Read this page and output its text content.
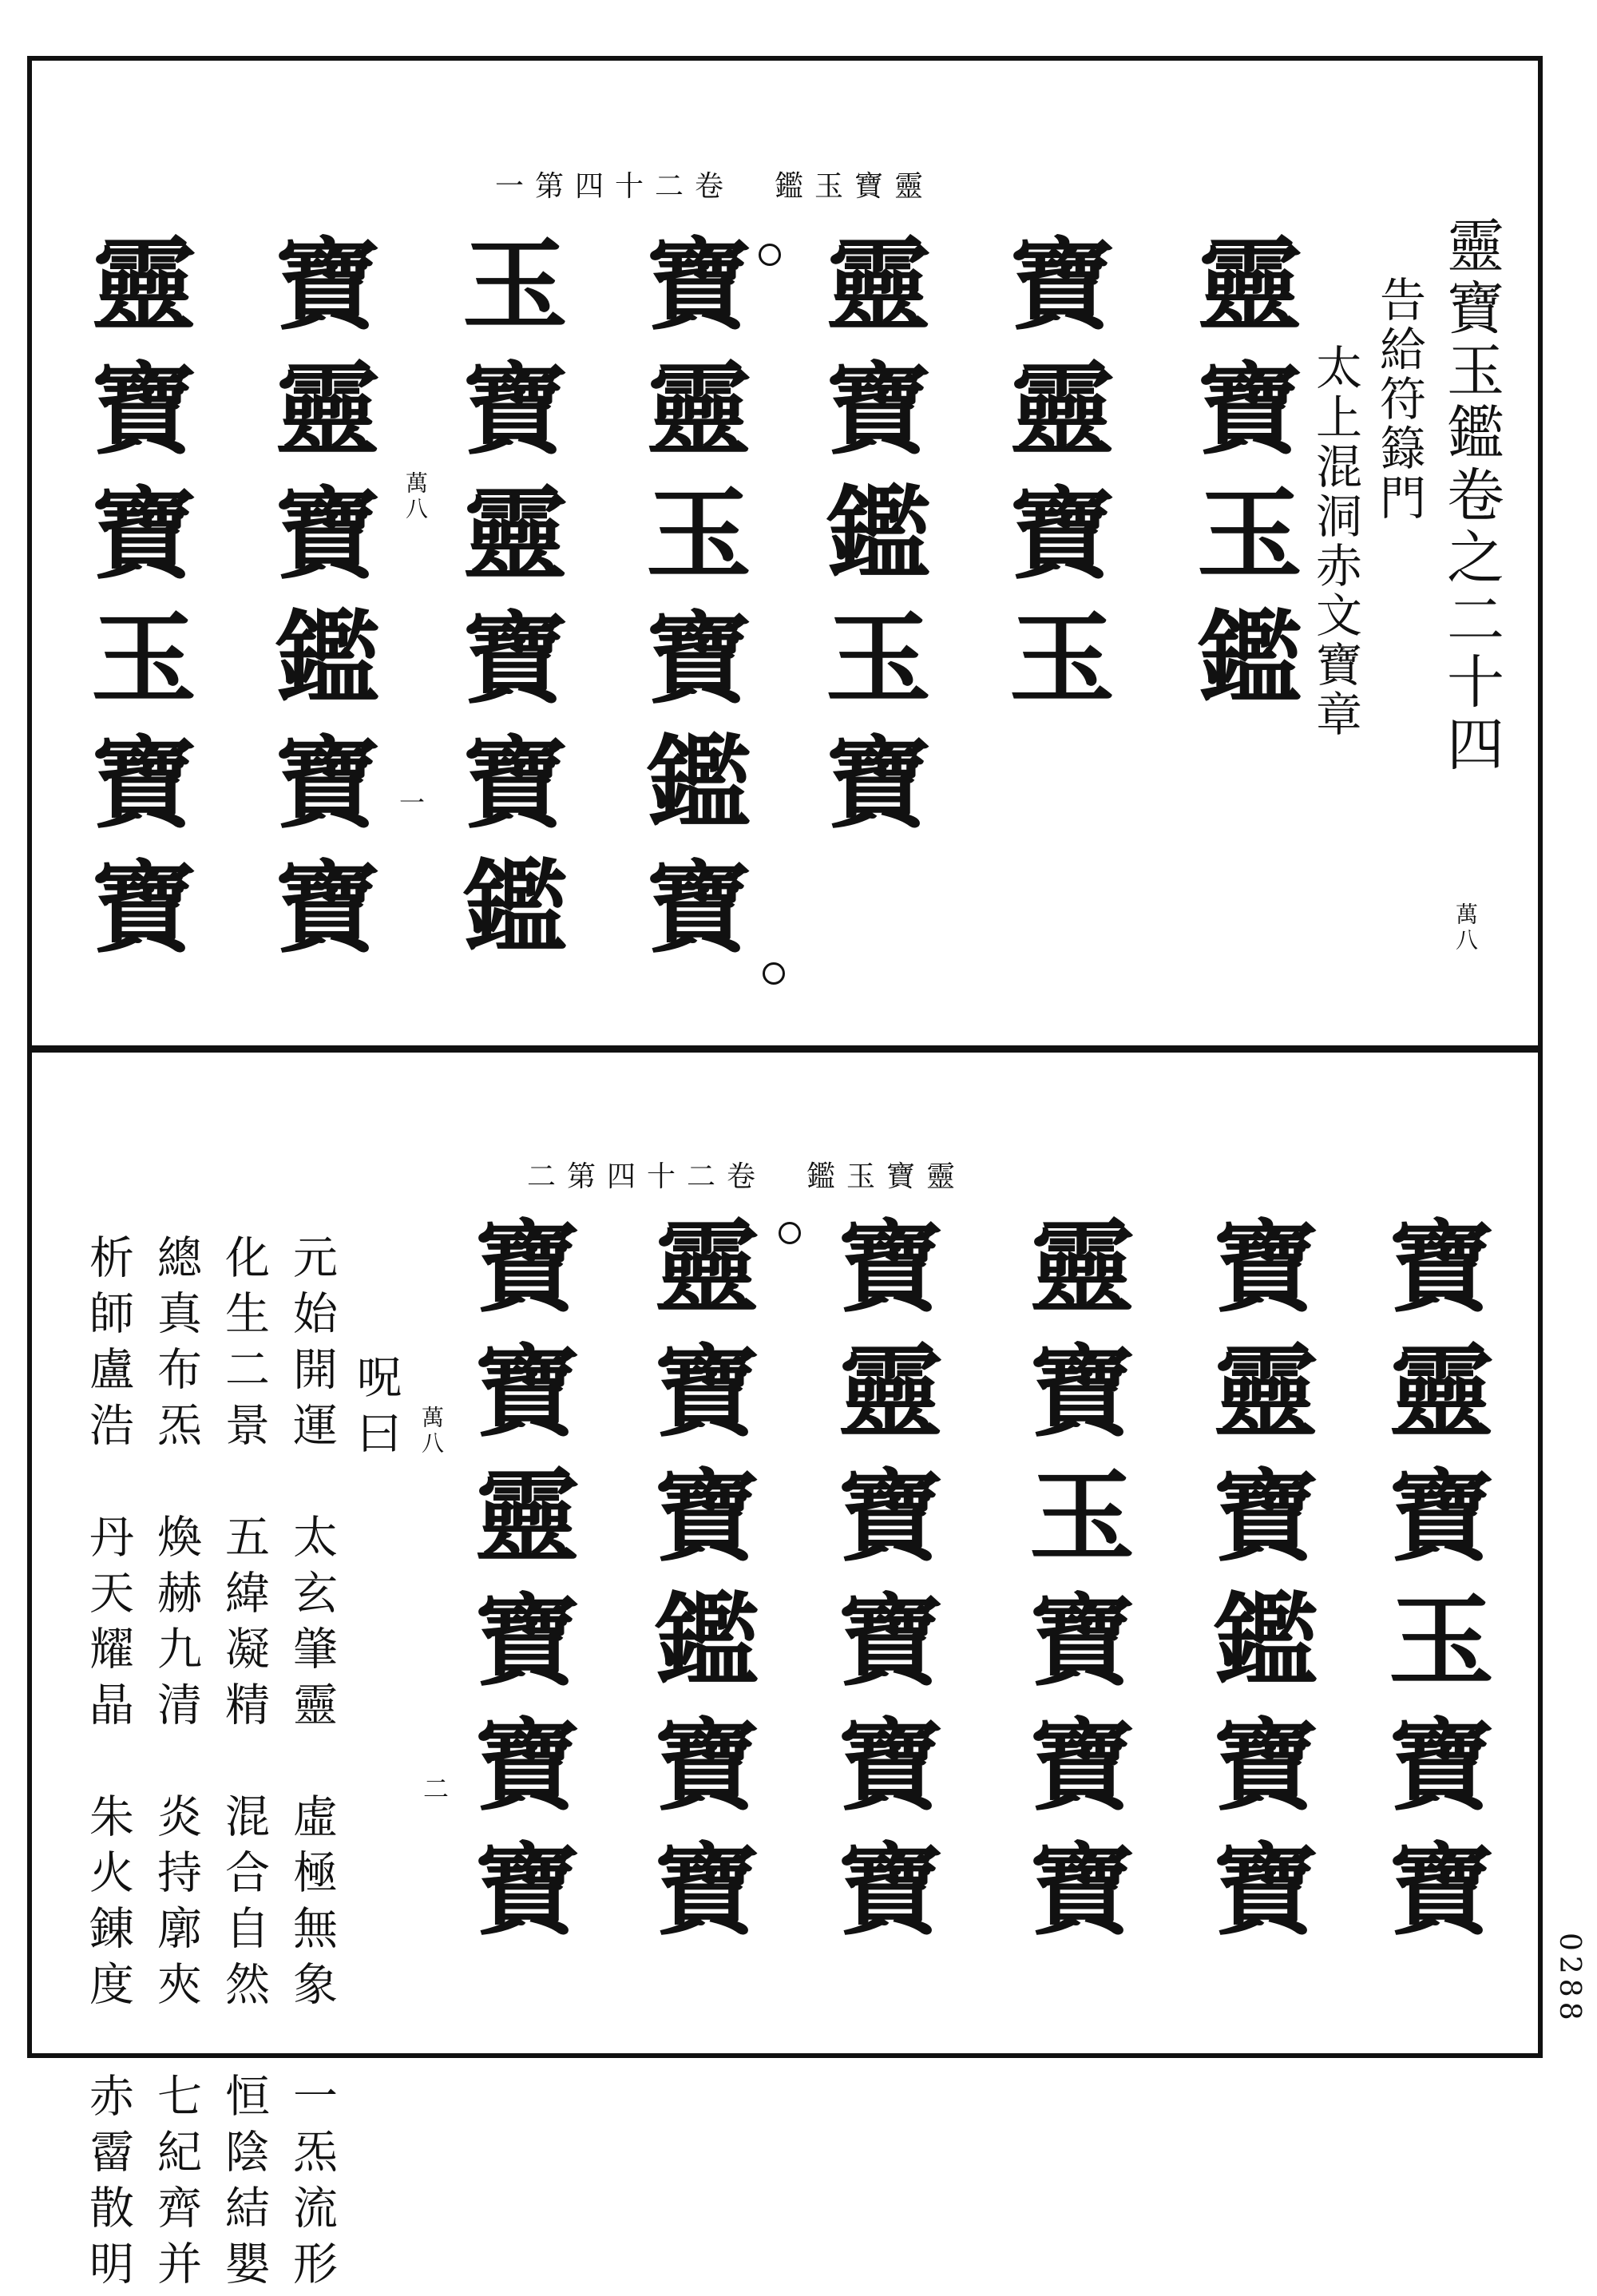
一第四十二卷　鑑玉寶靈
靈寶玉鑑卷之二十四
告給符籙門
太上混洞赤文寶章
萬八
萬八
一
靈寶玉鑑
寶靈寶玉
靈寶鑑玉寶
寶靈玉寶鑑寶
玉寶靈寶寶鑑
寶靈寶鑑寶寶
靈寶寶玉寶寶
二第四十二卷　鑑玉寶靈
寶靈寶玉寶寶
寶靈寶鑑寶寶
靈寶玉寶寶寶
寶靈寶寶寶寶
靈寶寶鑑寶寶
寶寶靈寶寶寶
呪曰 萬八
二
元始開運　太玄肇靈　虛極無象　一炁流形
化生二景　五緯凝精　混合自然　恒陰結嬰
總真布炁　煥赫九清　炎持廓夾　七紀齊并
析師盧浩　丹天耀晶　朱火錬度　赤霤散明	0288
